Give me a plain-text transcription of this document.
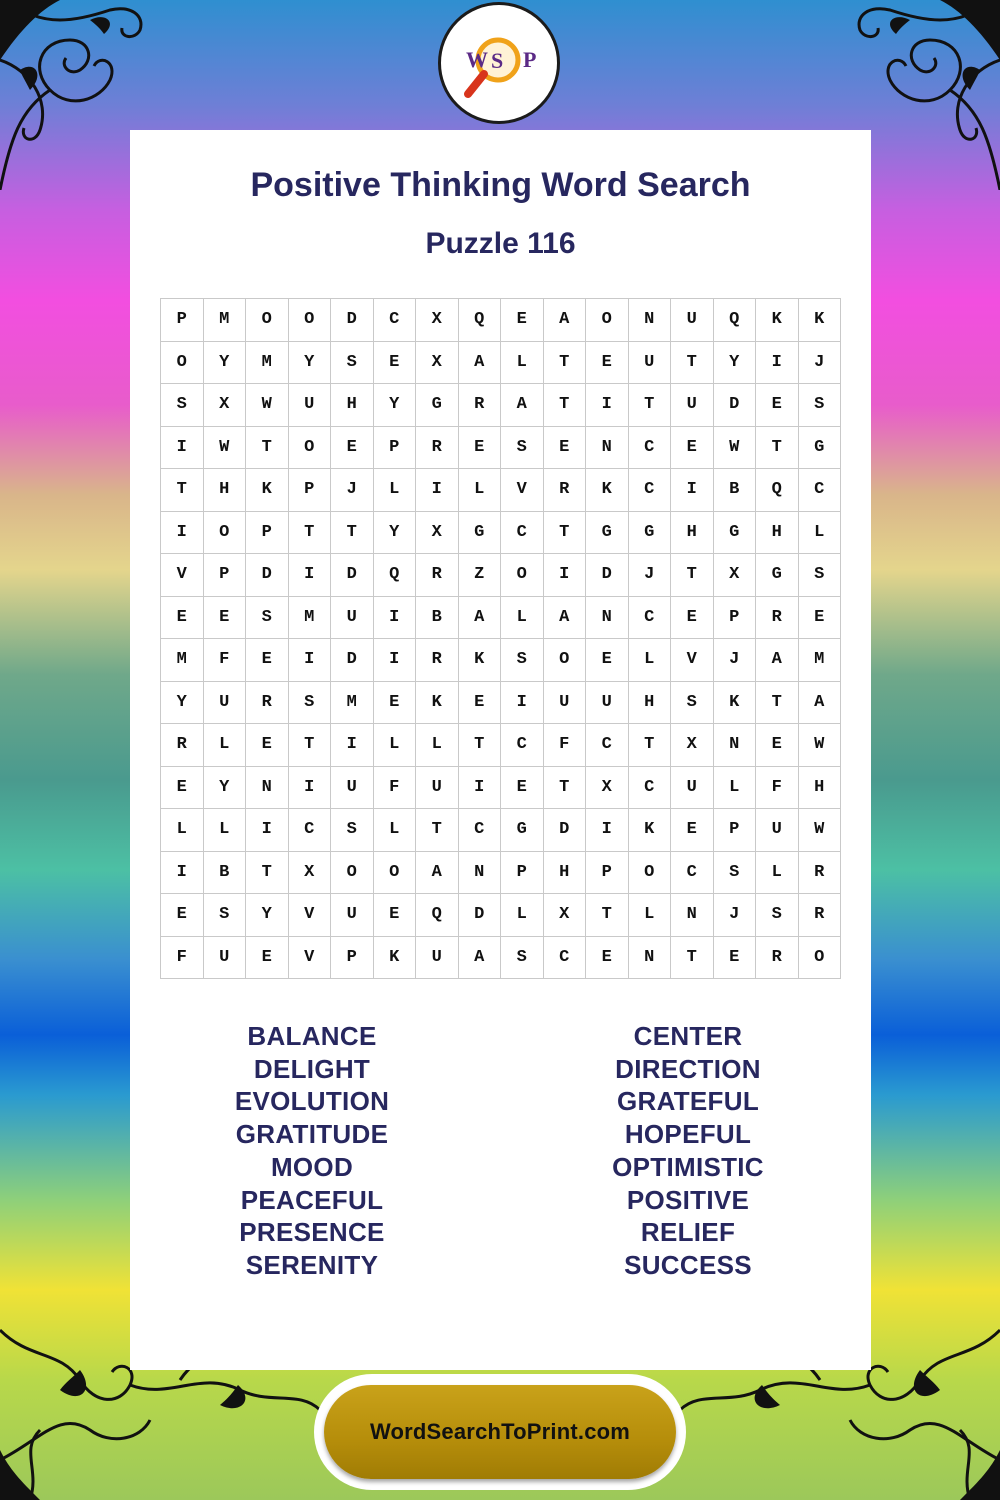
W S P
Positive Thinking Word Search
Puzzle 116
P	M	O	O	D	C	X	Q	E	A	O	N	U	Q	K	K
O	Y	M	Y	S	E	X	A	L	T	E	U	T	Y	I	J
S	X	W	U	H	Y	G	R	A	T	I	T	U	D	E	S
I	W	T	O	E	P	R	E	S	E	N	C	E	W	T	G
T	H	K	P	J	L	I	L	V	R	K	C	I	B	Q	C
I	O	P	T	T	Y	X	G	C	T	G	G	H	G	H	L
V	P	D	I	D	Q	R	Z	O	I	D	J	T	X	G	S
E	E	S	M	U	I	B	A	L	A	N	C	E	P	R	E
M	F	E	I	D	I	R	K	S	O	E	L	V	J	A	M
Y	U	R	S	M	E	K	E	I	U	U	H	S	K	T	A
R	L	E	T	I	L	L	T	C	F	C	T	X	N	E	W
E	Y	N	I	U	F	U	I	E	T	X	C	U	L	F	H
L	L	I	C	S	L	T	C	G	D	I	K	E	P	U	W
I	B	T	X	O	O	A	N	P	H	P	O	C	S	L	R
E	S	Y	V	U	E	Q	D	L	X	T	L	N	J	S	R
F	U	E	V	P	K	U	A	S	C	E	N	T	E	R	O
BALANCE
DELIGHT
EVOLUTION
GRATITUDE
MOOD
PEACEFUL
PRESENCE
SERENITY
CENTER
DIRECTION
GRATEFUL
HOPEFUL
OPTIMISTIC
POSITIVE
RELIEF
SUCCESS
WordSearchToPrint.com
